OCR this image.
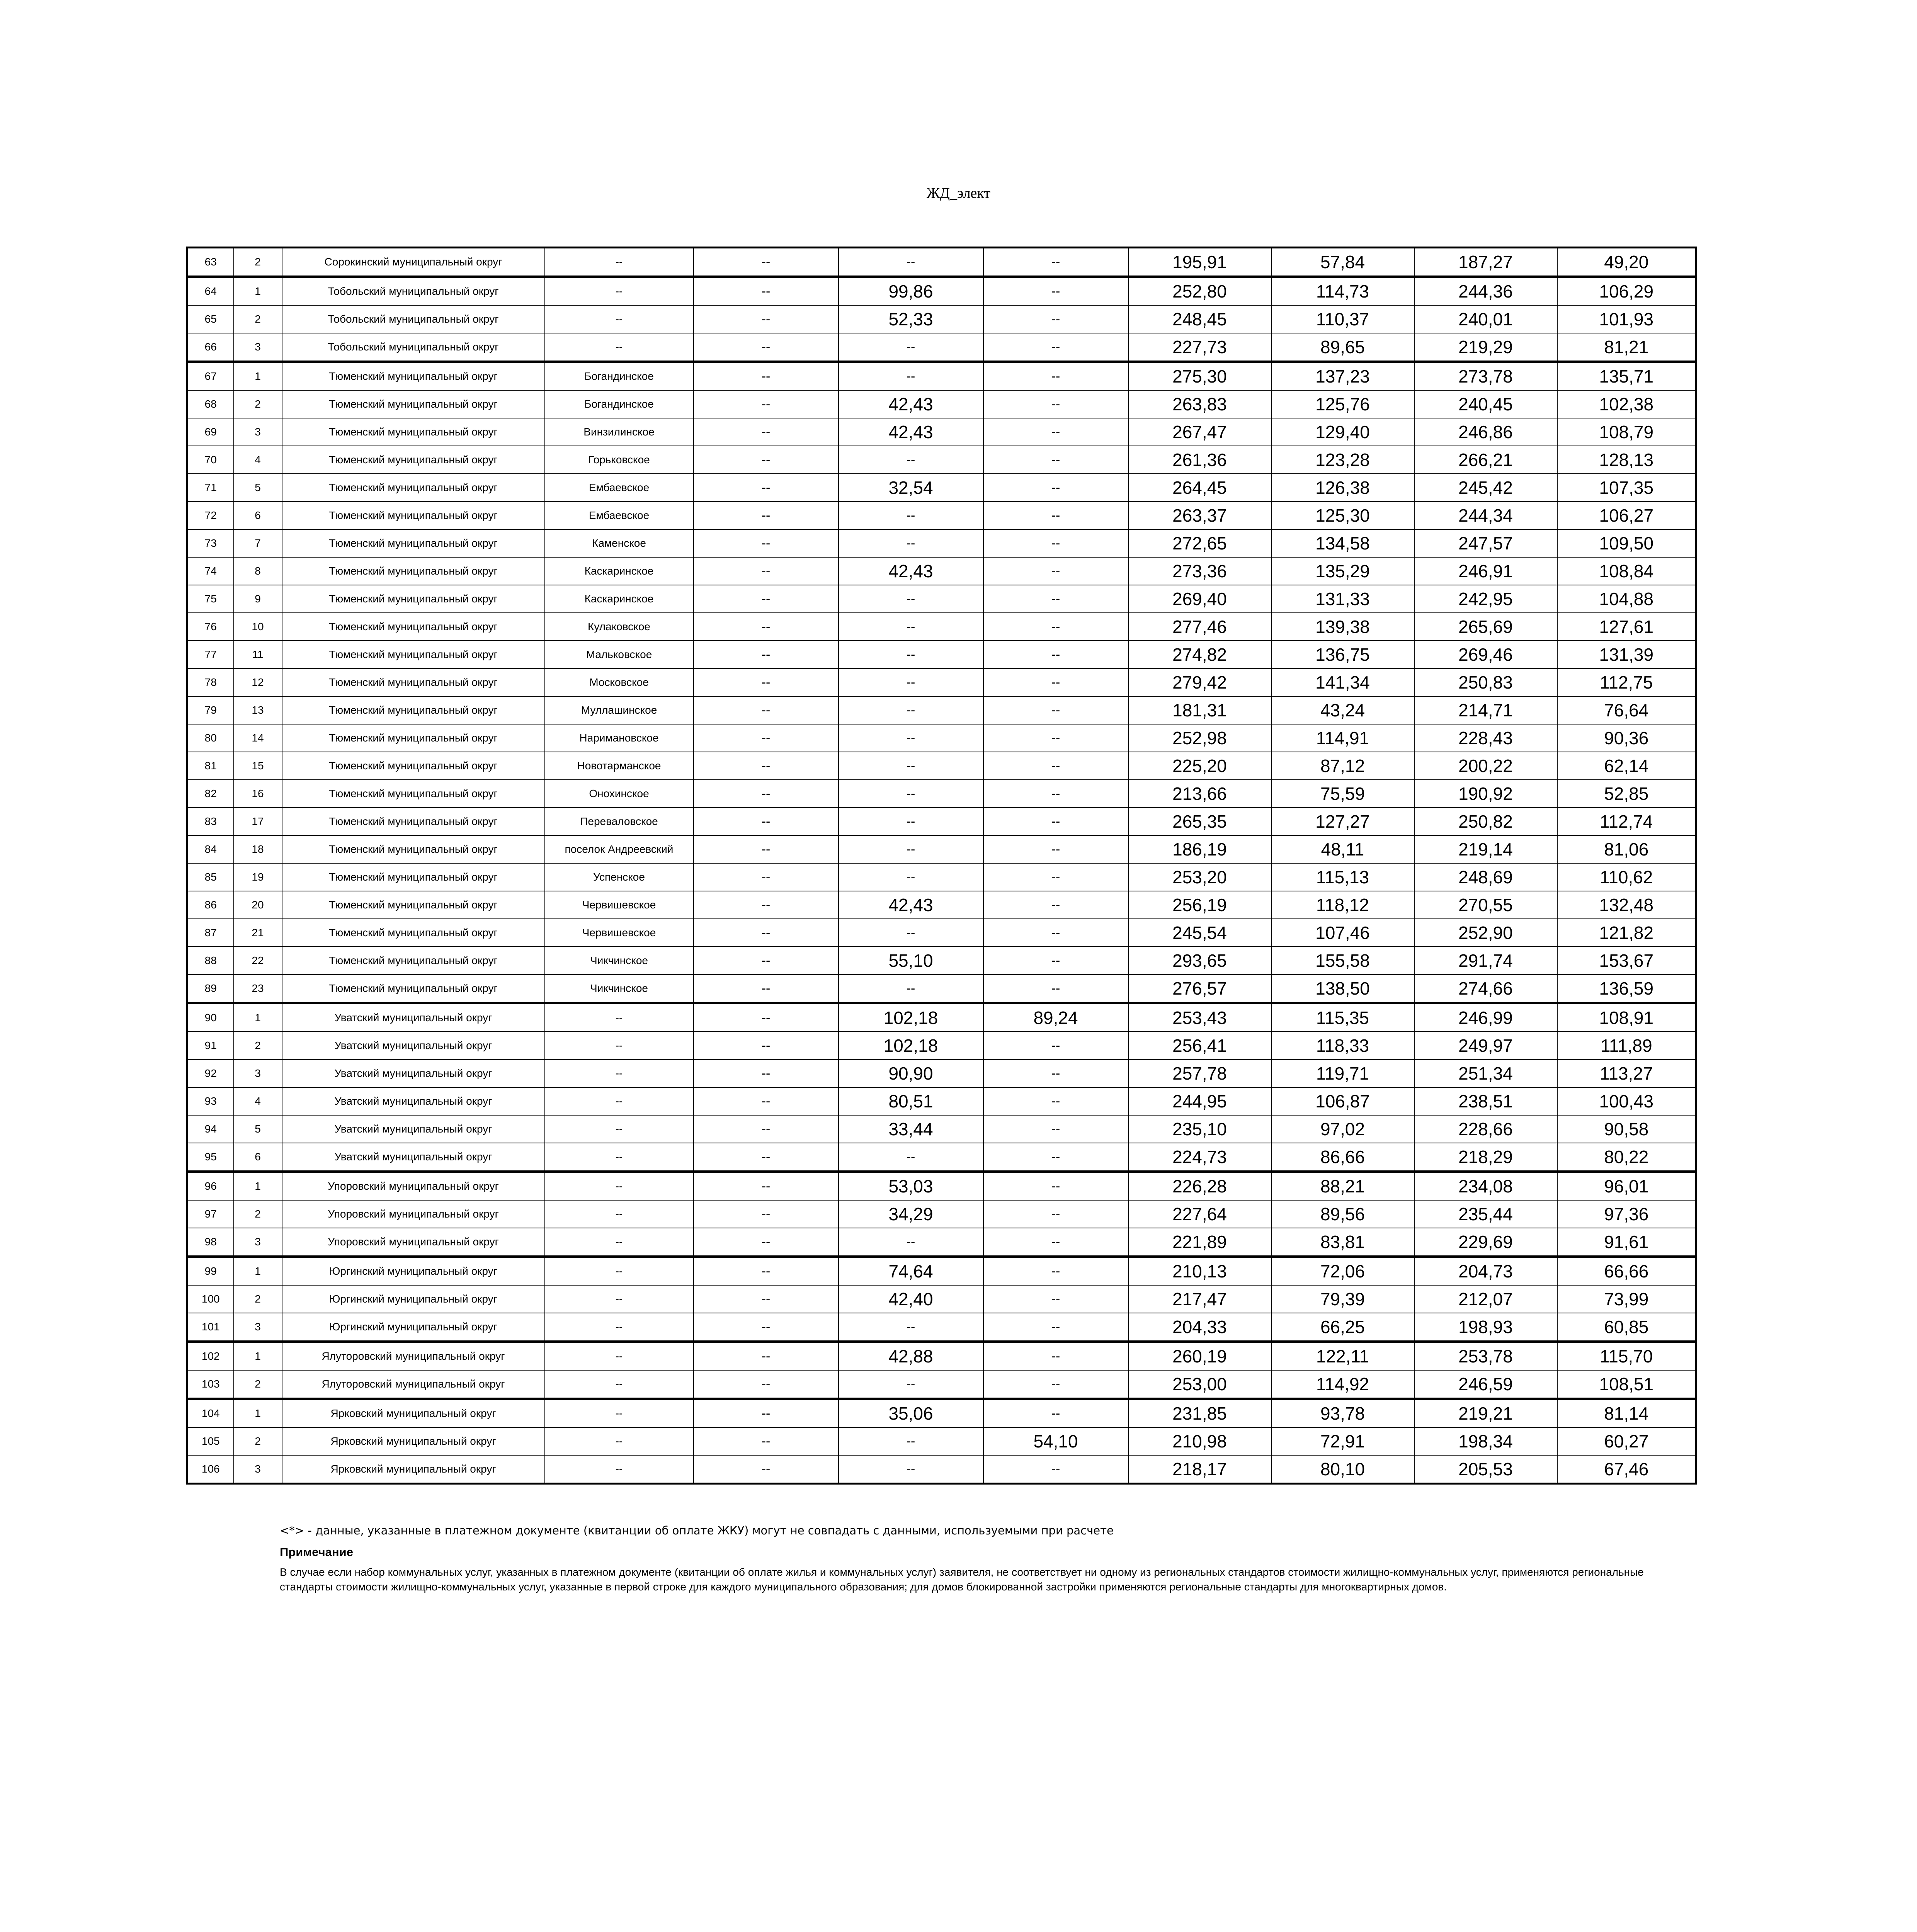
ЖД_элект
63	2	Сорокинский муниципальный округ	--	--	--	--	195,91	57,84	187,27	49,20
64	1	Тобольский муниципальный округ	--	--	99,86	--	252,80	114,73	244,36	106,29
65	2	Тобольский муниципальный округ	--	--	52,33	--	248,45	110,37	240,01	101,93
66	3	Тобольский муниципальный округ	--	--	--	--	227,73	89,65	219,29	81,21
67	1	Тюменский муниципальный округ	Богандинское	--	--	--	275,30	137,23	273,78	135,71
68	2	Тюменский муниципальный округ	Богандинское	--	42,43	--	263,83	125,76	240,45	102,38
69	3	Тюменский муниципальный округ	Винзилинское	--	42,43	--	267,47	129,40	246,86	108,79
70	4	Тюменский муниципальный округ	Горьковское	--	--	--	261,36	123,28	266,21	128,13
71	5	Тюменский муниципальный округ	Ембаевское	--	32,54	--	264,45	126,38	245,42	107,35
72	6	Тюменский муниципальный округ	Ембаевское	--	--	--	263,37	125,30	244,34	106,27
73	7	Тюменский муниципальный округ	Каменское	--	--	--	272,65	134,58	247,57	109,50
74	8	Тюменский муниципальный округ	Каскаринское	--	42,43	--	273,36	135,29	246,91	108,84
75	9	Тюменский муниципальный округ	Каскаринское	--	--	--	269,40	131,33	242,95	104,88
76	10	Тюменский муниципальный округ	Кулаковское	--	--	--	277,46	139,38	265,69	127,61
77	11	Тюменский муниципальный округ	Мальковское	--	--	--	274,82	136,75	269,46	131,39
78	12	Тюменский муниципальный округ	Московское	--	--	--	279,42	141,34	250,83	112,75
79	13	Тюменский муниципальный округ	Муллашинское	--	--	--	181,31	43,24	214,71	76,64
80	14	Тюменский муниципальный округ	Наримановское	--	--	--	252,98	114,91	228,43	90,36
81	15	Тюменский муниципальный округ	Новотарманское	--	--	--	225,20	87,12	200,22	62,14
82	16	Тюменский муниципальный округ	Онохинское	--	--	--	213,66	75,59	190,92	52,85
83	17	Тюменский муниципальный округ	Переваловское	--	--	--	265,35	127,27	250,82	112,74
84	18	Тюменский муниципальный округ	поселок Андреевский	--	--	--	186,19	48,11	219,14	81,06
85	19	Тюменский муниципальный округ	Успенское	--	--	--	253,20	115,13	248,69	110,62
86	20	Тюменский муниципальный округ	Червишевское	--	42,43	--	256,19	118,12	270,55	132,48
87	21	Тюменский муниципальный округ	Червишевское	--	--	--	245,54	107,46	252,90	121,82
88	22	Тюменский муниципальный округ	Чикчинское	--	55,10	--	293,65	155,58	291,74	153,67
89	23	Тюменский муниципальный округ	Чикчинское	--	--	--	276,57	138,50	274,66	136,59
90	1	Уватский муниципальный округ	--	--	102,18	89,24	253,43	115,35	246,99	108,91
91	2	Уватский муниципальный округ	--	--	102,18	--	256,41	118,33	249,97	111,89
92	3	Уватский муниципальный округ	--	--	90,90	--	257,78	119,71	251,34	113,27
93	4	Уватский муниципальный округ	--	--	80,51	--	244,95	106,87	238,51	100,43
94	5	Уватский муниципальный округ	--	--	33,44	--	235,10	97,02	228,66	90,58
95	6	Уватский муниципальный округ	--	--	--	--	224,73	86,66	218,29	80,22
96	1	Упоровский муниципальный округ	--	--	53,03	--	226,28	88,21	234,08	96,01
97	2	Упоровский муниципальный округ	--	--	34,29	--	227,64	89,56	235,44	97,36
98	3	Упоровский муниципальный округ	--	--	--	--	221,89	83,81	229,69	91,61
99	1	Юргинский муниципальный округ	--	--	74,64	--	210,13	72,06	204,73	66,66
100	2	Юргинский муниципальный округ	--	--	42,40	--	217,47	79,39	212,07	73,99
101	3	Юргинский муниципальный округ	--	--	--	--	204,33	66,25	198,93	60,85
102	1	Ялуторовский муниципальный округ	--	--	42,88	--	260,19	122,11	253,78	115,70
103	2	Ялуторовский муниципальный округ	--	--	--	--	253,00	114,92	246,59	108,51
104	1	Ярковский муниципальный округ	--	--	35,06	--	231,85	93,78	219,21	81,14
105	2	Ярковский муниципальный округ	--	--	--	54,10	210,98	72,91	198,34	60,27
106	3	Ярковский муниципальный округ	--	--	--	--	218,17	80,10	205,53	67,46
<*> - данные, указанные в платежном документе (квитанции об оплате ЖКУ) могут не совпадать с данными, используемыми при расчете
Примечание
В случае если набор коммунальных услуг, указанных в платежном документе (квитанции об оплате жилья и коммунальных услуг) заявителя, не соответствует ни одному из региональных стандартов стоимости жилищно-коммунальных услуг, применяются региональные стандарты стоимости жилищно-коммунальных услуг, указанные в первой строке для каждого муниципального образования; для домов блокированной застройки применяются региональные стандарты для многоквартирных домов.
